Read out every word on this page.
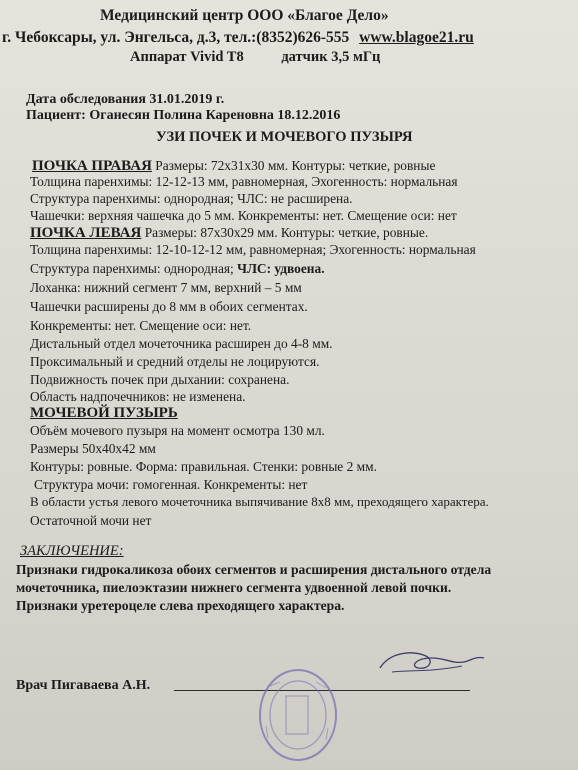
Медицинский центр ООО «Благое Дело»
г. Чебоксары, ул. Энгельса, д.3, тел.:(8352)626-555 www.blagoe21.ru
Аппарат Vivid T8	датчик 3,5 мГц
Дата обследования 31.01.2019 г.
Пациент: Оганесян Полина Кареновна 18.12.2016
УЗИ ПОЧЕК И МОЧЕВОГО ПУЗЫРЯ
ПОЧКА ПРАВАЯ Размеры: 72х31х30 мм. Контуры: четкие, ровные
Толщина паренхимы: 12-12-13 мм, равномерная, Эхогенность: нормальная
Структура паренхимы: однородная; ЧЛС: не расширена.
Чашечки: верхняя чашечка до 5 мм. Конкременты: нет. Смещение оси: нет
ПОЧКА ЛЕВАЯ Размеры: 87х30х29 мм. Контуры: четкие, ровные.
Толщина паренхимы: 12-10-12-12 мм, равномерная; Эхогенность: нормальная
Структура паренхимы: однородная; ЧЛС: удвоена.
Лоханка: нижний сегмент 7 мм, верхний – 5 мм
Чашечки расширены до 8 мм в обоих сегментах.
Конкременты: нет. Смещение оси: нет.
Дистальный отдел мочеточника расширен до 4-8 мм.
Проксимальный и средний отделы не лоцируются.
Подвижность почек при дыхании: сохранена.
Область надпочечников: не изменена.
МОЧЕВОЙ ПУЗЫРЬ
Объём мочевого пузыря на момент осмотра 130 мл.
Размеры 50х40х42 мм
Контуры: ровные. Форма: правильная. Стенки: ровные 2 мм.
Структура мочи: гомогенная. Конкременты: нет
В области устья левого мочеточника выпячивание 8х8 мм, преходящего характера.
Остаточной мочи нет
ЗАКЛЮЧЕНИЕ:
Признаки гидрокаликоза обоих сегментов и расширения дистального отдела
мочеточника, пиелоэктазии нижнего сегмента удвоенной левой почки.
Признаки уретероцеле слева преходящего характера.
Врач Пигаваева А.Н.
